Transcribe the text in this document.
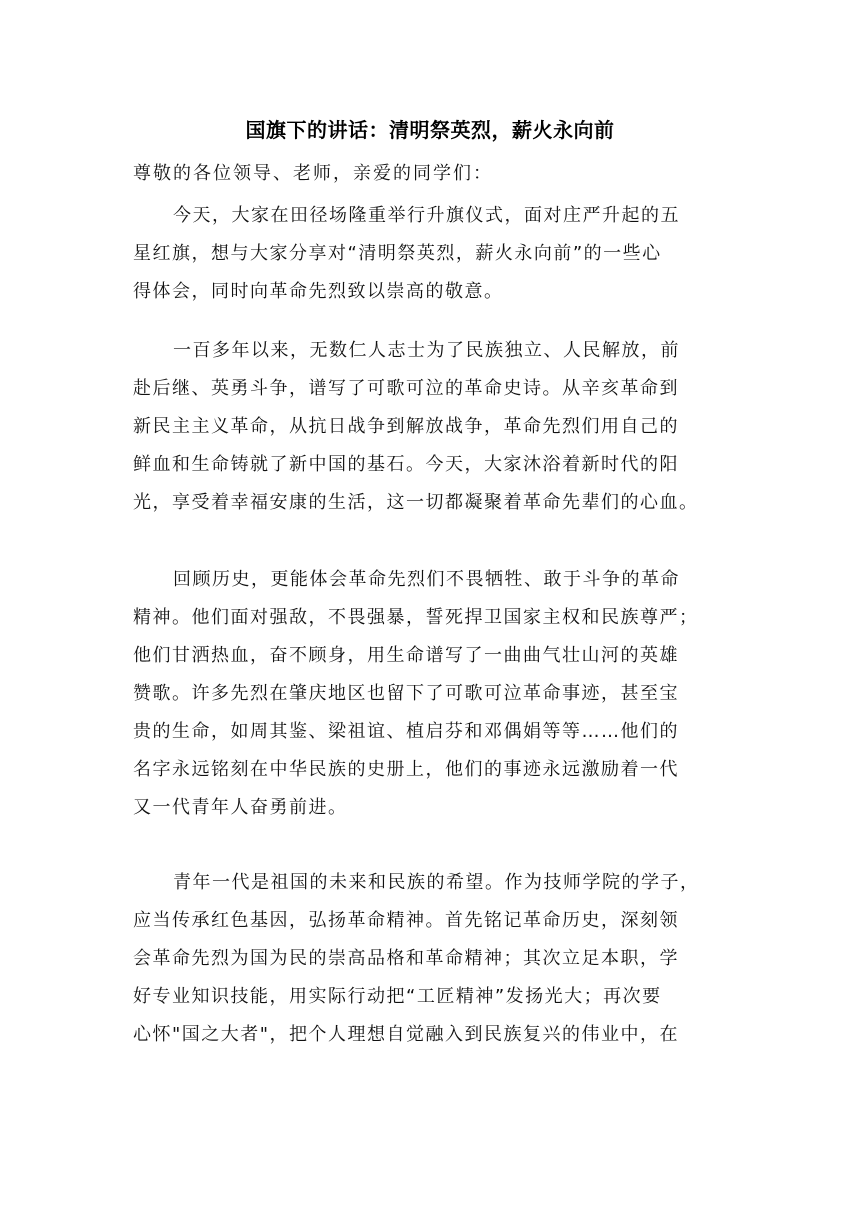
国旗下的讲话：清明祭英烈，薪火永向前
尊敬的各位领导、老师，亲爱的同学们：
今天，大家在田径场隆重举行升旗仪式，面对庄严升起的五
星红旗，想与大家分享对“清明祭英烈，薪火永向前”的一些心
得体会，同时向革命先烈致以崇高的敬意。
一百多年以来，无数仁人志士为了民族独立、人民解放，前
赴后继、英勇斗争，谱写了可歌可泣的革命史诗。从辛亥革命到
新民主主义革命，从抗日战争到解放战争，革命先烈们用自己的
鲜血和生命铸就了新中国的基石。今天，大家沐浴着新时代的阳
光，享受着幸福安康的生活，这一切都凝聚着革命先辈们的心血。
回顾历史，更能体会革命先烈们不畏牺牲、敢于斗争的革命
精神。他们面对强敌，不畏强暴，誓死捍卫国家主权和民族尊严；
他们甘洒热血，奋不顾身，用生命谱写了一曲曲气壮山河的英雄
赞歌。许多先烈在肇庆地区也留下了可歌可泣革命事迹，甚至宝
贵的生命，如周其鉴、梁祖谊、植启芬和邓偶娟等等……他们的
名字永远铭刻在中华民族的史册上，他们的事迹永远激励着一代
又一代青年人奋勇前进。
青年一代是祖国的未来和民族的希望。作为技师学院的学子，
应当传承红色基因，弘扬革命精神。首先铭记革命历史，深刻领
会革命先烈为国为民的崇高品格和革命精神；其次立足本职，学
好专业知识技能，用实际行动把“工匠精神”发扬光大；再次要
心怀"国之大者"，把个人理想自觉融入到民族复兴的伟业中，在
